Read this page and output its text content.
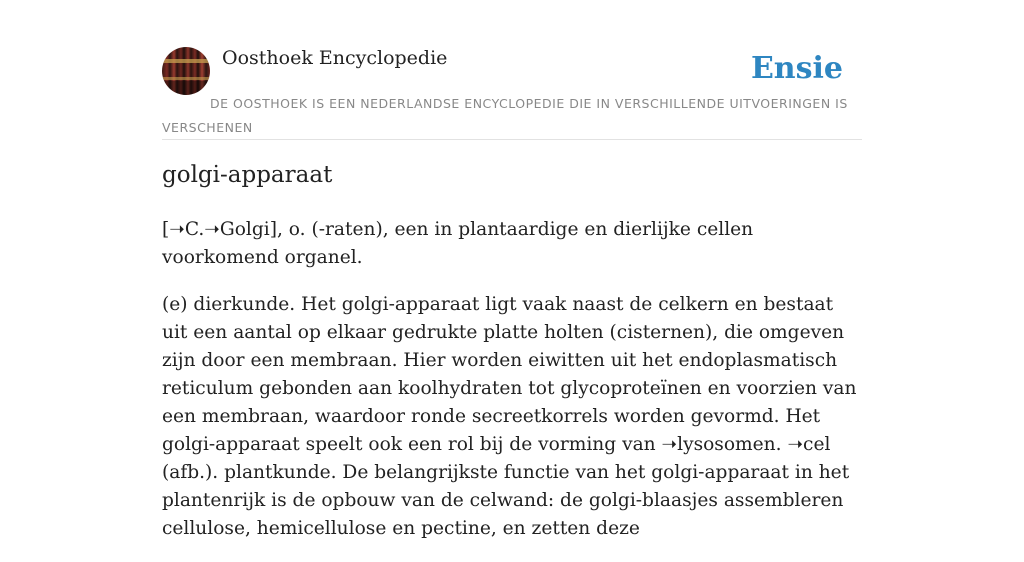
Oosthoek Encyclopedie	Ensie
DE OOSTHOEK IS EEN NEDERLANDSE ENCYCLOPEDIE DIE IN VERSCHILLENDE UITVOERINGEN IS VERSCHENEN
golgi-apparaat

[➝C.➝Golgi], o. (-raten), een in plantaardige en dierlijke cellen voorkomend organel.

(e) dierkunde. Het golgi-apparaat ligt vaak naast de celkern en bestaat uit een aantal op elkaar gedrukte platte holten (cisternen), die omgeven zijn door een membraan. Hier worden eiwitten uit het endoplasmatisch reticulum gebonden aan koolhydraten tot glycoproteïnen en voorzien van een membraan, waardoor ronde secreetkorrels worden gevormd. Het golgi-apparaat speelt ook een rol bij de vorming van ➝lysosomen. ➝cel (afb.). plantkunde. De belangrijkste functie van het golgi-apparaat in het plantenrijk is de opbouw van de celwand: de golgi-blaasjes assembleren cellulose, hemicellulose en pectine, en zetten deze
